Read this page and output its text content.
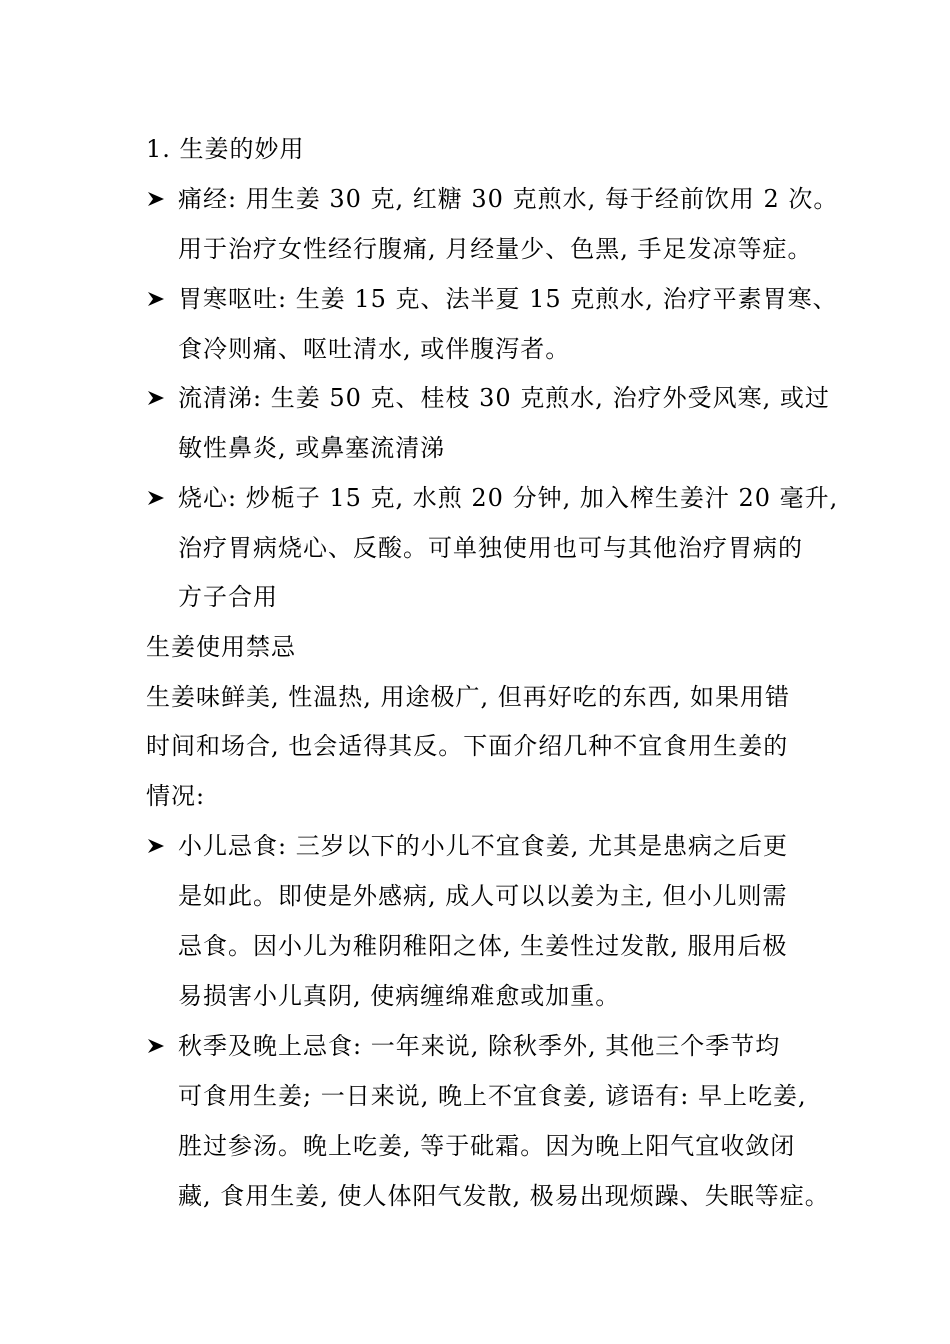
1. 生姜的妙用
痛经: 用生姜 30 克, 红糖 30 克煎水, 每于经前饮用 2 次。
用于治疗女性经行腹痛, 月经量少、色黑, 手足发凉等症。
胃寒呕吐: 生姜 15 克、法半夏 15 克煎水, 治疗平素胃寒、
食冷则痛、呕吐清水, 或伴腹泻者。
流清涕: 生姜 50 克、桂枝 30 克煎水, 治疗外受风寒, 或过
敏性鼻炎, 或鼻塞流清涕
烧心: 炒栀子 15 克, 水煎 20 分钟, 加入榨生姜汁 20 毫升,
治疗胃病烧心、反酸。可单独使用也可与其他治疗胃病的
方子合用
生姜使用禁忌
生姜味鲜美, 性温热, 用途极广, 但再好吃的东西, 如果用错
时间和场合, 也会适得其反。下面介绍几种不宜食用生姜的
情况:
小儿忌食: 三岁以下的小儿不宜食姜, 尤其是患病之后更
是如此。即使是外感病, 成人可以以姜为主, 但小儿则需
忌食。因小儿为稚阴稚阳之体, 生姜性过发散, 服用后极
易损害小儿真阴, 使病缠绵难愈或加重。
秋季及晚上忌食: 一年来说, 除秋季外, 其他三个季节均
可食用生姜; 一日来说, 晚上不宜食姜, 谚语有: 早上吃姜,
胜过参汤。晚上吃姜, 等于砒霜。因为晚上阳气宜收敛闭
藏, 食用生姜, 使人体阳气发散, 极易出现烦躁、失眠等症。
